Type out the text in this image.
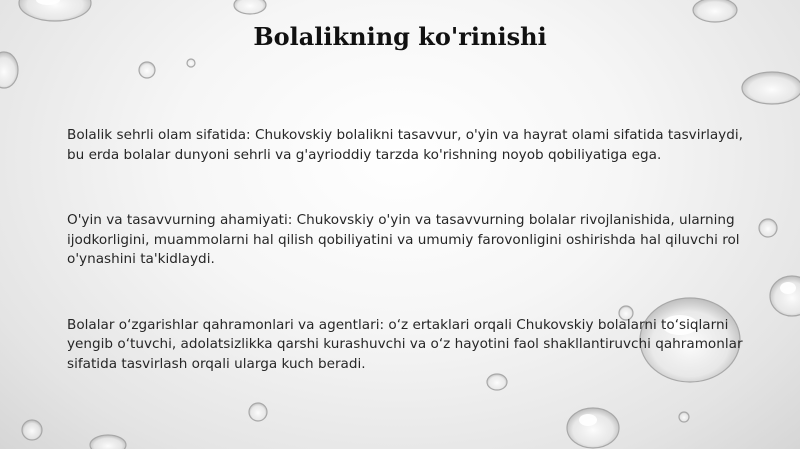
Bolalikning ko'rinishi

Bolalik sehrli olam sifatida: Chukovskiy bolalikni tasavvur, o'yin va hayrat olami sifatida tasvirlaydi, bu erda bolalar dunyoni sehrli va g'ayrioddiy tarzda ko'rishning noyob qobiliyatiga ega.

O'yin va tasavvurning ahamiyati: Chukovskiy o'yin va tasavvurning bolalar rivojlanishida, ularning ijodkorligini, muammolarni hal qilish qobiliyatini va umumiy farovonligini oshirishda hal qiluvchi rol o'ynashini ta'kidlaydi.

Bolalar o‘zgarishlar qahramonlari va agentlari: o‘z ertaklari orqali Chukovskiy bolalarni to‘siqlarni yengib o‘tuvchi, adolatsizlikka qarshi kurashuvchi va o‘z hayotini faol shakllantiruvchi qahramonlar sifatida tasvirlash orqali ularga kuch beradi.
